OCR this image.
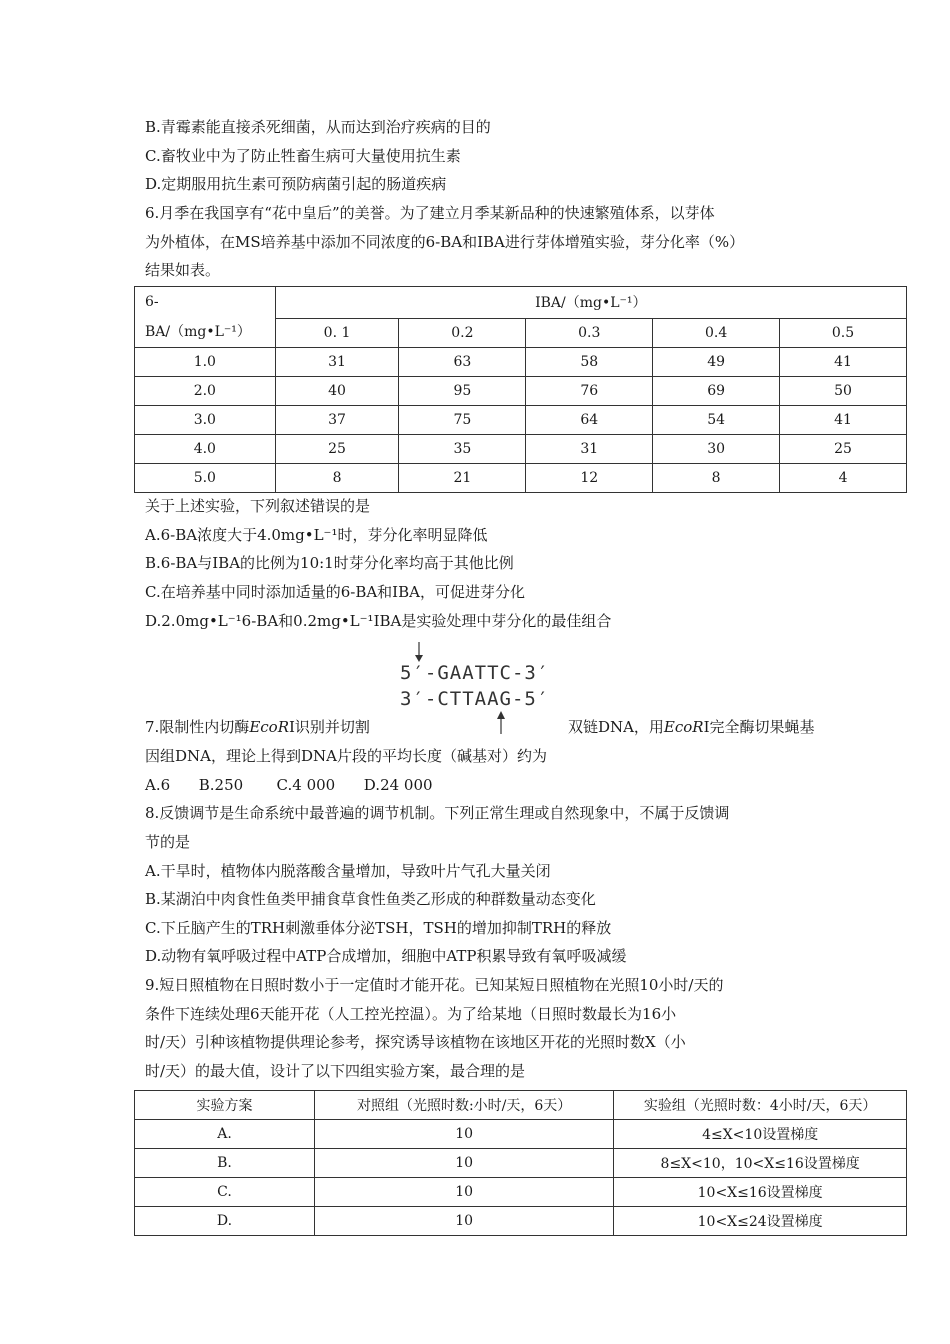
B.青霉素能直接杀死细菌，从而达到治疗疾病的目的
C.畜牧业中为了防止牲畜生病可大量使用抗生素
D.定期服用抗生素可预防病菌引起的肠道疾病
6.月季在我国享有“花中皇后”的美誉。为了建立月季某新品种的快速繁殖体系，以芽体
为外植体，在MS培养基中添加不同浓度的6-BA和IBA进行芽体增殖实验，芽分化率（%）
结果如表。
6-
BA/（mg•L⁻¹）	IBA/（mg•L⁻¹）				
	0. 1	0.2	0.3	0.4	0.5
1.0	31	63	58	49	41
2.0	40	95	76	69	50
3.0	37	75	64	54	41
4.0	25	35	31	30	25
5.0	8	21	12	8	4
关于上述实验，下列叙述错误的是
A.6-BA浓度大于4.0mg•L⁻¹时，芽分化率明显降低
B.6-BA与IBA的比例为10:1时芽分化率均高于其他比例
C.在培养基中同时添加适量的6-BA和IBA，可促进芽分化
D.2.0mg•L⁻¹6-BA和0.2mg•L⁻¹IBA是实验处理中芽分化的最佳组合
5′-GAATTC-3′
3′-CTTAAG-5′
7.限制性内切酶EcoRⅠ识别并切割	双链DNA，用EcoRⅠ完全酶切果蝇基
因组DNA，理论上得到DNA片段的平均长度（碱基对）约为
A.6      B.250       C.4 000      D.24 000
8.反馈调节是生命系统中最普遍的调节机制。下列正常生理或自然现象中，不属于反馈调
节的是
A.干旱时，植物体内脱落酸含量增加，导致叶片气孔大量关闭
B.某湖泊中肉食性鱼类甲捕食草食性鱼类乙形成的种群数量动态变化
C.下丘脑产生的TRH刺激垂体分泌TSH，TSH的增加抑制TRH的释放
D.动物有氧呼吸过程中ATP合成增加，细胞中ATP积累导致有氧呼吸减缓
9.短日照植物在日照时数小于一定值时才能开花。已知某短日照植物在光照10小时/天的
条件下连续处理6天能开花（人工控光控温）。为了给某地（日照时数最长为16小
时/天）引种该植物提供理论参考，探究诱导该植物在该地区开花的光照时数X（小
时/天）的最大值，设计了以下四组实验方案，最合理的是
实验方案	对照组（光照时数:小时/天，6天）	实验组（光照时数：4小时/天，6天）
A.	10	4≤X<10设置梯度
B.	10	8≤X<10，10<X≤16设置梯度
C.	10	10<X≤16设置梯度
D.	10	10<X≤24设置梯度
